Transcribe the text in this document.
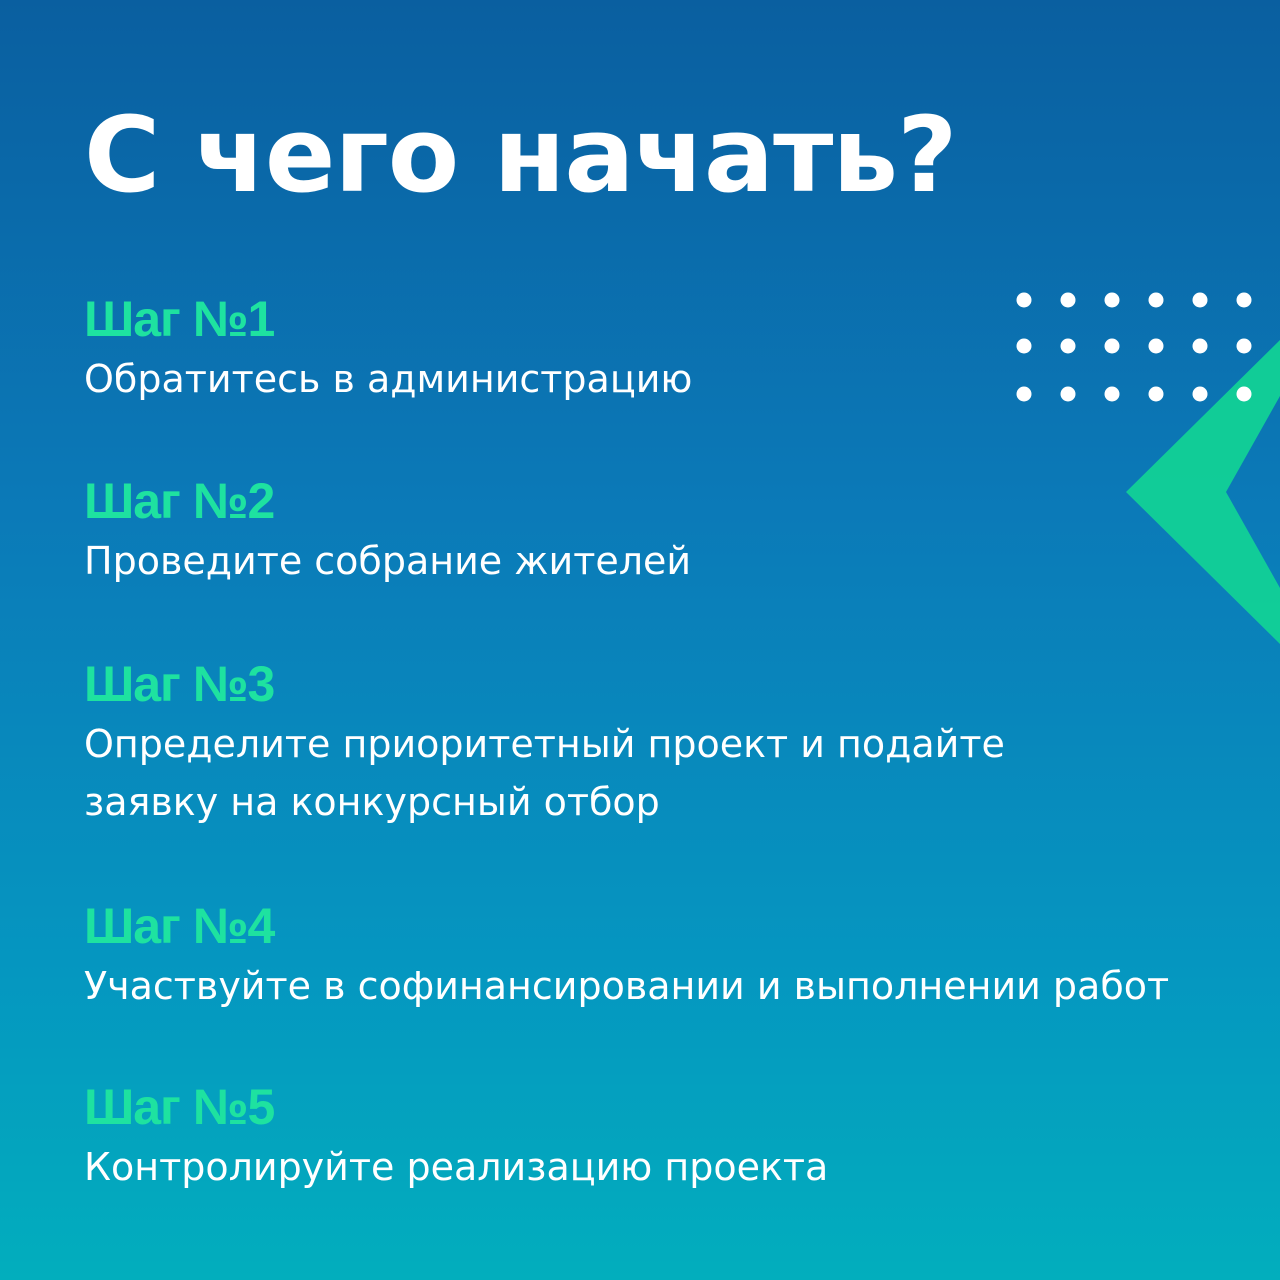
С чего начать?
Шаг №1
Обратитесь в администрацию
Шаг №2
Проведите собрание жителей
Шаг №3
Определите приоритетный проект и подайте
заявку на конкурсный отбор
Шаг №4
Участвуйте в софинансировании и выполнении работ
Шаг №5
Контролируйте реализацию проекта
